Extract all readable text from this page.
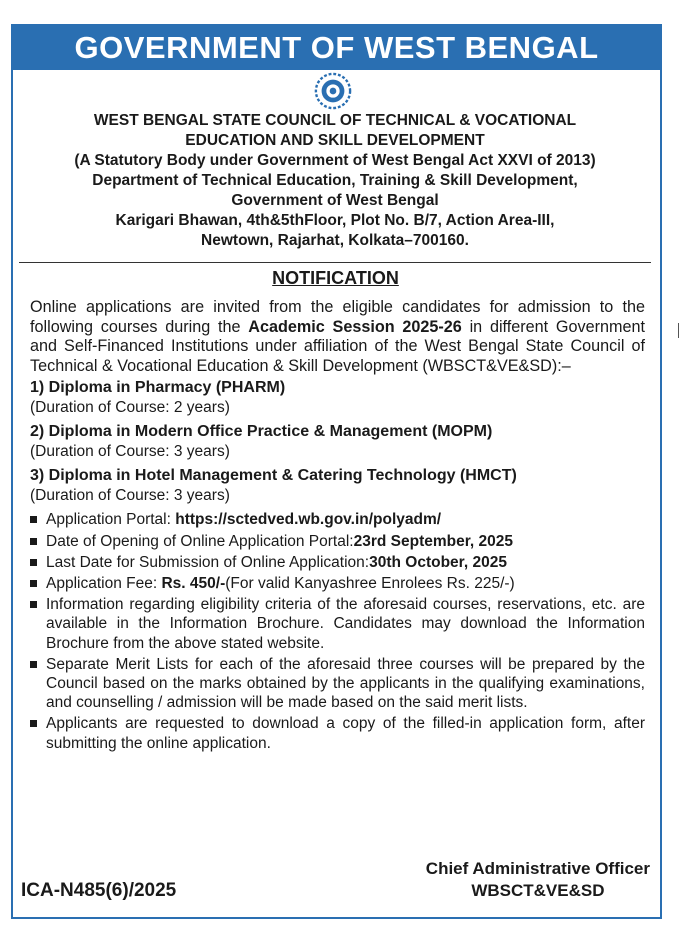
GOVERNMENT OF WEST BENGAL
WEST BENGAL STATE COUNCIL OF TECHNICAL & VOCATIONAL
EDUCATION AND SKILL DEVELOPMENT
(A Statutory Body under Government of West Bengal Act XXVI of 2013)
Department of Technical Education, Training & Skill Development,
Government of West Bengal
Karigari Bhawan, 4th&5thFloor, Plot No. B/7, Action Area-III,
Newtown, Rajarhat, Kolkata–700160.
NOTIFICATION
Online applications are invited from the eligible candidates for admission to the following courses during the Academic Session 2025-26 in different Government and Self-Financed Institutions under affiliation of the West Bengal State Council of Technical & Vocational Education & Skill Development (WBSCT&VE&SD):–
1) Diploma in Pharmacy (PHARM)
(Duration of Course: 2 years)
2) Diploma in Modern Office Practice & Management (MOPM)
(Duration of Course: 3 years)
3) Diploma in Hotel Management & Catering Technology (HMCT)
(Duration of Course: 3 years)
Application Portal: https://sctedved.wb.gov.in/polyadm/
Date of Opening of Online Application Portal:23rd September, 2025
Last Date for Submission of Online Application:30th October, 2025
Application Fee: Rs. 450/-(For valid Kanyashree Enrolees Rs. 225/-)
Information regarding eligibility criteria of the aforesaid courses, reservations, etc. are available in the Information Brochure. Candidates may download the Information Brochure from the above stated website.
Separate Merit Lists for each of the aforesaid three courses will be prepared by the Council based on the marks obtained by the applicants in the qualifying examinations, and counselling / admission will be made based on the said merit lists.
Applicants are requested to download a copy of the filled-in application form, after submitting the online application.
Chief Administrative Officer
WBSCT&VE&SD
ICA-N485(6)/2025
